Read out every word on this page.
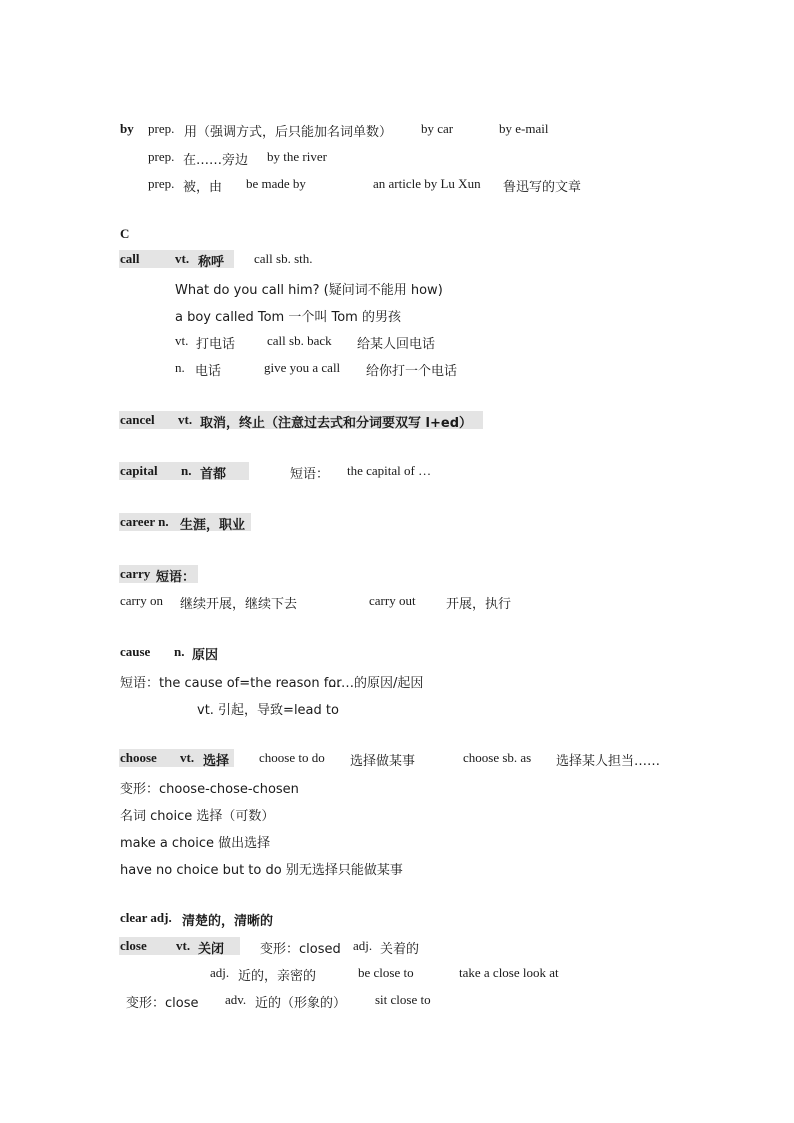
by prep. 用（强调方式，后只能加名词单数） by car	by e-mail
prep. 在……旁边 by the river
prep. 被，由 be made by	an article by Lu Xun 鲁迅写的文章
C
call	vt. 称呼 call sb. sth.
What do you call him? (疑问词不能用 how)
a boy called Tom 一个叫 Tom 的男孩
vt. 打电话 call sb. back 给某人回电话
n. 电话	give you a call 给你打一个电话
cancel vt. 取消，终止（注意过去式和分词要双写 l+ed）
capital n. 首都	短语： the capital of …
career n. 生涯，职业
carry 短语：
carry on 继续开展，继续下去	carry out 开展，执行
cause n. 原因
短语：the cause of=the reason for
……的原因/起因
vt. 引起，导致=lead to
choose vt. 选择 choose to do 选择做某事	choose sb. as 选择某人担当……
变形：choose-chose-chosen
名词 choice 选择（可数）
make a choice 做出选择
have no choice but to do 别无选择只能做某事
clear adj. 清楚的，清晰的
close vt. 关闭	变形：closed adj. 关着的
adj. 近的，亲密的	be close to	take a close look at
变形：close adv. 近的（形象的） sit close to
